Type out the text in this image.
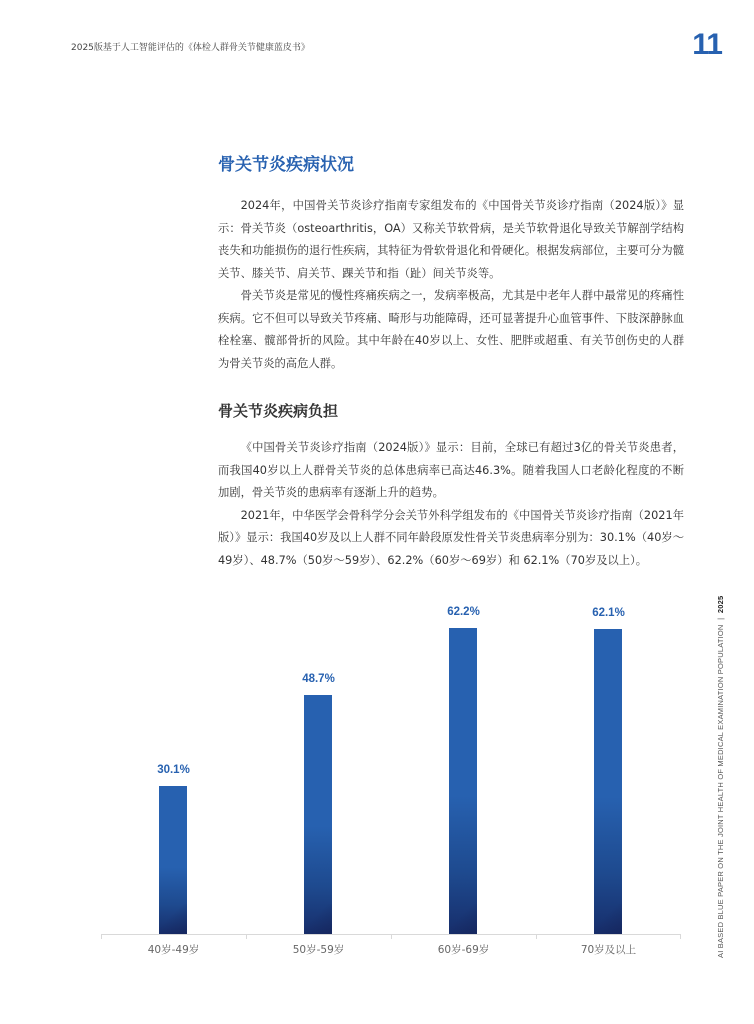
2025版基于人工智能评估的《体检人群骨关节健康蓝皮书》	11
骨关节炎疾病状况

2024年，中国骨关节炎诊疗指南专家组发布的《中国骨关节炎诊疗指南（2024版）》显示：骨关节炎（osteoarthritis，OA）又称关节软骨病，是关节软骨退化导致关节解剖学结构丧失和功能损伤的退行性疾病，其特征为骨软骨退化和骨硬化。根据发病部位，主要可分为髋关节、膝关节、肩关节、踝关节和指（趾）间关节炎等。

骨关节炎是常见的慢性疼痛疾病之一，发病率极高，尤其是中老年人群中最常见的疼痛性疾病。它不但可以导致关节疼痛、畸形与功能障碍，还可显著提升心血管事件、下肢深静脉血栓栓塞、髋部骨折的风险。其中年龄在40岁以上、女性、肥胖或超重、有关节创伤史的人群为骨关节炎的高危人群。

骨关节炎疾病负担

《中国骨关节炎诊疗指南（2024版）》显示：目前，全球已有超过3亿的骨关节炎患者，而我国40岁以上人群骨关节炎的总体患病率已高达46.3%。随着我国人口老龄化程度的不断加剧，骨关节炎的患病率有逐渐上升的趋势。

2021年，中华医学会骨科学分会关节外科学组发布的《中国骨关节炎诊疗指南（2021年版）》显示：我国40岁及以上人群不同年龄段原发性骨关节炎患病率分别为：30.1%（40岁～49岁）、48.7%（50岁～59岁）、62.2%（60岁～69岁）和 62.1%（70岁及以上）。

30.1%
48.7%
62.2%	62.1%
40岁-49岁	50岁-59岁	60岁-69岁	70岁及以上	AI BASED BLUE PAPER ON THE JOINT HEALTH OF MEDICAL EXAMINATION POPULATION  |  2025
